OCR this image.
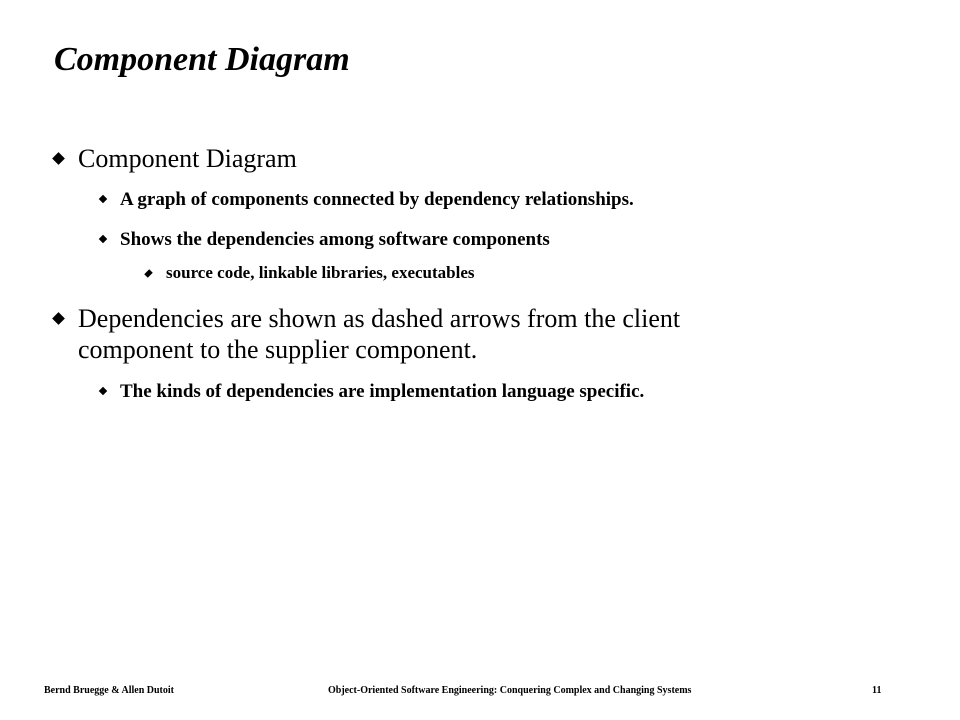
Component Diagram
Component Diagram
A graph of components connected by dependency relationships.
Shows the dependencies among software components
source code, linkable libraries, executables
Dependencies are shown as dashed arrows from the client
component to the supplier component.
The kinds of dependencies are implementation language specific.
Bernd Bruegge & Allen Dutoit	Object-Oriented Software Engineering: Conquering Complex and Changing Systems	11
